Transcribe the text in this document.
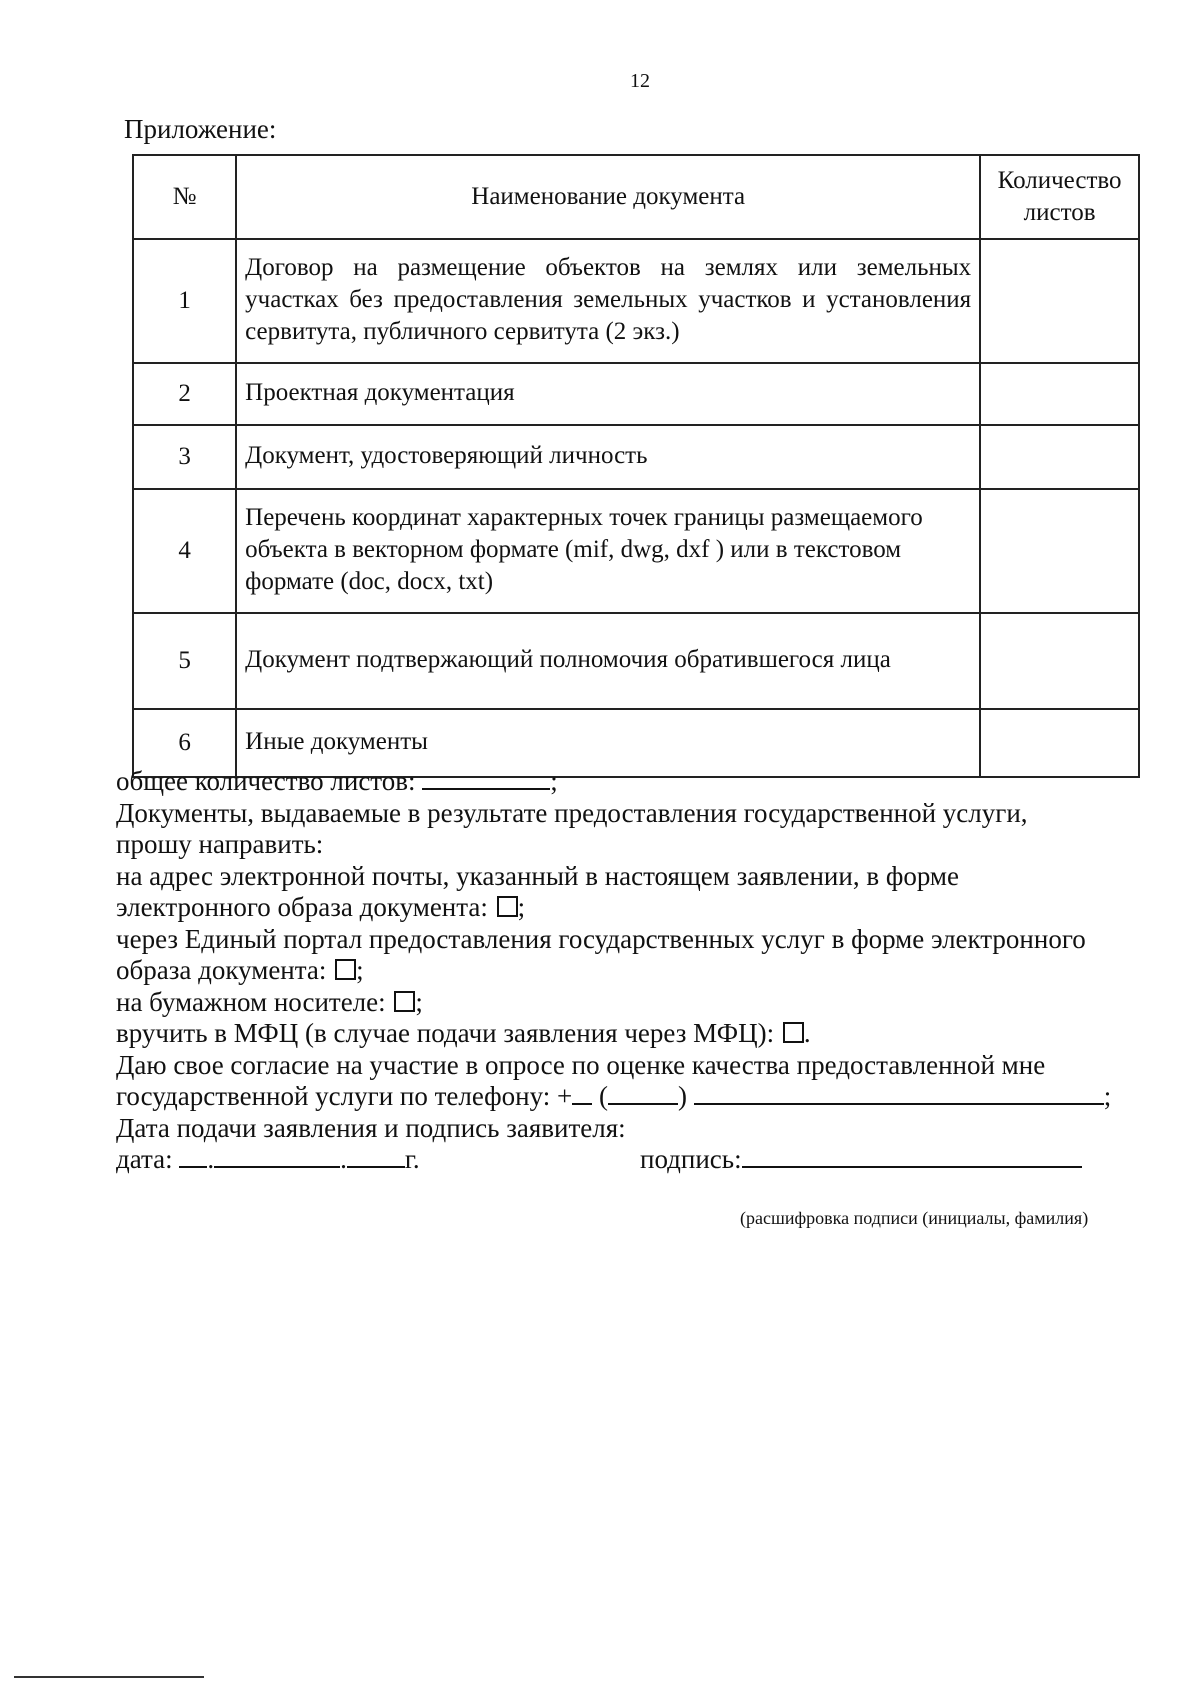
12
Приложение:
№	Наименование документа	Количество
листов
1	Договор на размещение объектов на землях или земельных участках без предоставления земельных участков и установления сервитута, публичного сервитута (2 экз.)	
2	Проектная документация	
3	Документ, удостоверяющий личность	
4	Перечень координат характерных точек границы размещаемого объекта в векторном формате (mif, dwg, dxf ) или в текстовом формате (doc, docx, txt)	
5	Документ подтвержающий полномочия обратившегося лица	
6	Иные документы	
общее количество листов:	;
Документы, выдаваемые в результате предоставления государственной услуги,
прошу направить:
на адрес электронной почты, указанный в настоящем заявлении, в форме
электронного образа документа: ;
через Единый портал предоставления государственных услуг в форме электронного
образа документа: ;
на бумажном носителе: ;
вручить в МФЦ (в случае подачи заявления через МФЦ): .
Даю свое согласие на участие в опросе по оценке качества предоставленной мне
государственной услуги по телефону: + (	)	;
Дата подачи заявления и подпись заявителя:
дата: .	. г.	подпись:
(расшифровка подписи (инициалы, фамилия)
